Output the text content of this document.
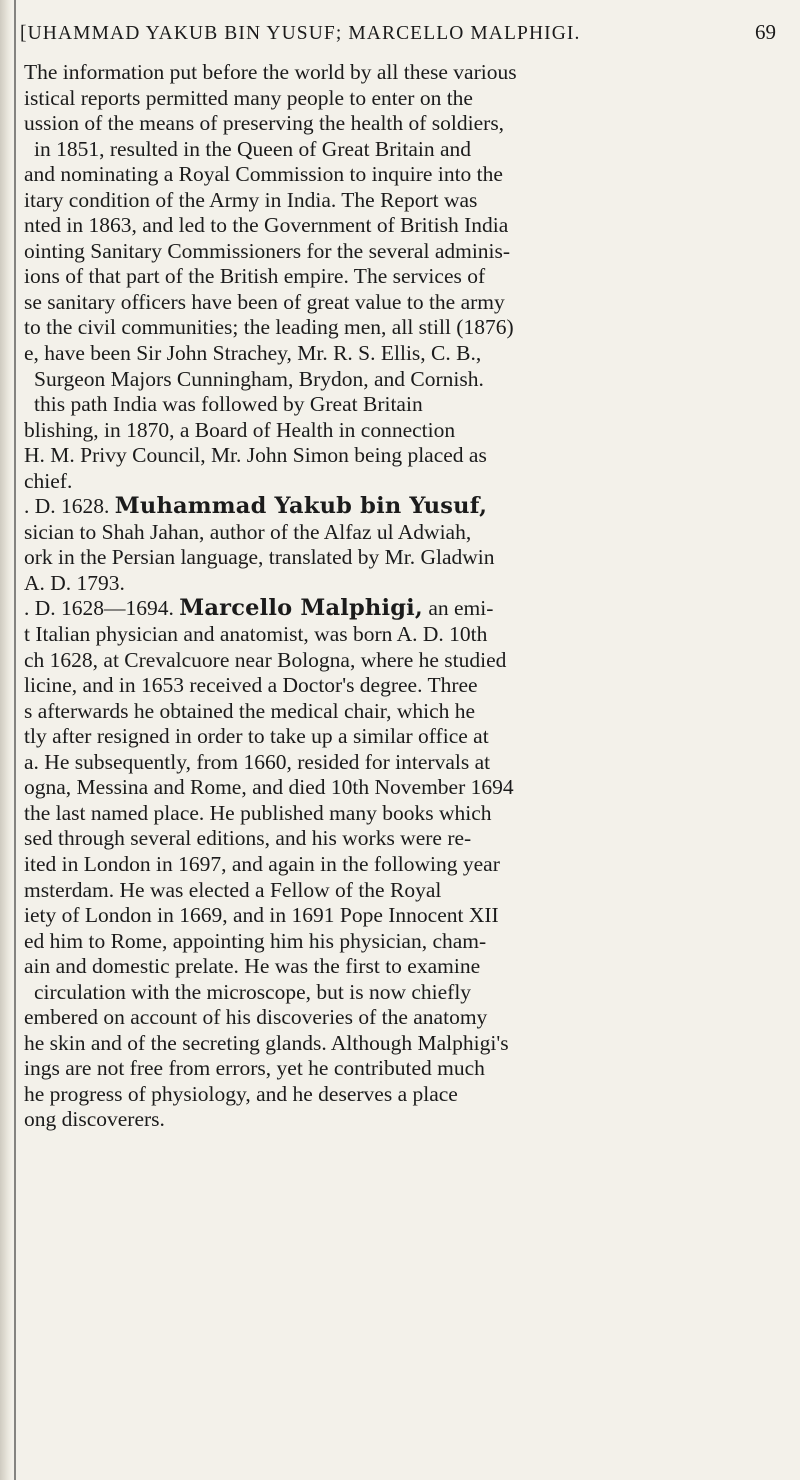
[UHAMMAD YAKUB BIN YUSUF; MARCELLO MALPHIGI.	69
The information put before the world by all these various
istical reports permitted many people to enter on the
ussion of the means of preserving the health of soldiers,
in 1851, resulted in the Queen of Great Britain and
and nominating a Royal Commission to inquire into the
itary condition of the Army in India. The Report was
nted in 1863, and led to the Government of British India
ointing Sanitary Commissioners for the several adminis-
ions of that part of the British empire. The services of
se sanitary officers have been of great value to the army
to the civil communities; the leading men, all still (1876)
e, have been Sir John Strachey, Mr. R. S. Ellis, C. B.,
Surgeon Majors Cunningham, Brydon, and Cornish.
this path India was followed by Great Britain
blishing, in 1870, a Board of Health in connection
H. M. Privy Council, Mr. John Simon being placed as
chief.
. D. 1628. Muhammad Yakub bin Yusuf,
sician to Shah Jahan, author of the Alfaz ul Adwiah,
ork in the Persian language, translated by Mr. Gladwin
A. D. 1793.
. D. 1628—1694. Marcello Malphigi, an emi-
t Italian physician and anatomist, was born A. D. 10th
ch 1628, at Crevalcuore near Bologna, where he studied
licine, and in 1653 received a Doctor's degree. Three
s afterwards he obtained the medical chair, which he
tly after resigned in order to take up a similar office at
a. He subsequently, from 1660, resided for intervals at
ogna, Messina and Rome, and died 10th November 1694
the last named place. He published many books which
sed through several editions, and his works were re-
ited in London in 1697, and again in the following year
msterdam. He was elected a Fellow of the Royal
iety of London in 1669, and in 1691 Pope Innocent XII
ed him to Rome, appointing him his physician, cham-
ain and domestic prelate. He was the first to examine
circulation with the microscope, but is now chiefly
embered on account of his discoveries of the anatomy
he skin and of the secreting glands. Although Malphigi's
ings are not free from errors, yet he contributed much
he progress of physiology, and he deserves a place
ong discoverers.
